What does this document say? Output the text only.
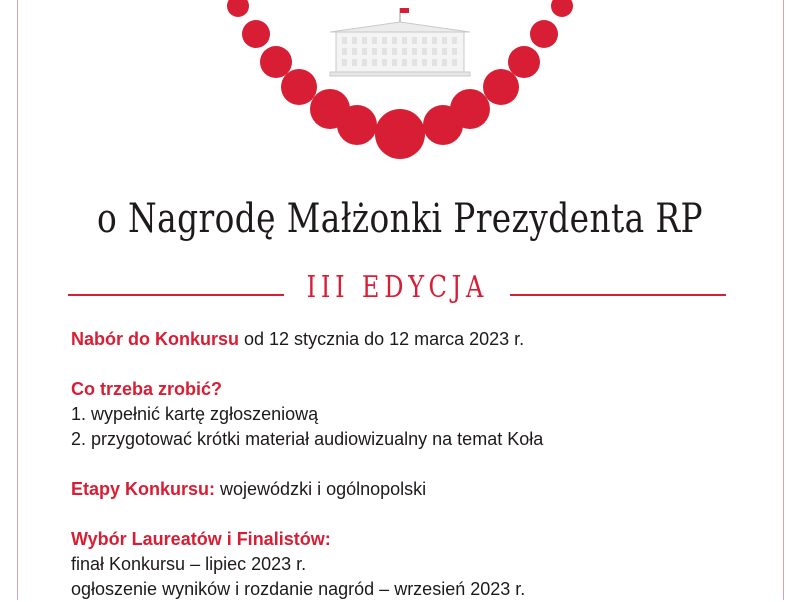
o Nagrodę Małżonki Prezydenta RP
III EDYCJA

Nabór do Konkursu od 12 stycznia do 12 marca 2023 r.

Co trzeba zrobić?

1. wypełnić kartę zgłoszeniową

2. przygotować krótki materiał audiowizualny na temat Koła

Etapy Konkursu: wojewódzki i ogólnopolski

Wybór Laureatów i Finalistów:

finał Konkursu – lipiec 2023 r.

ogłoszenie wyników i rozdanie nagród – wrzesień 2023 r.
